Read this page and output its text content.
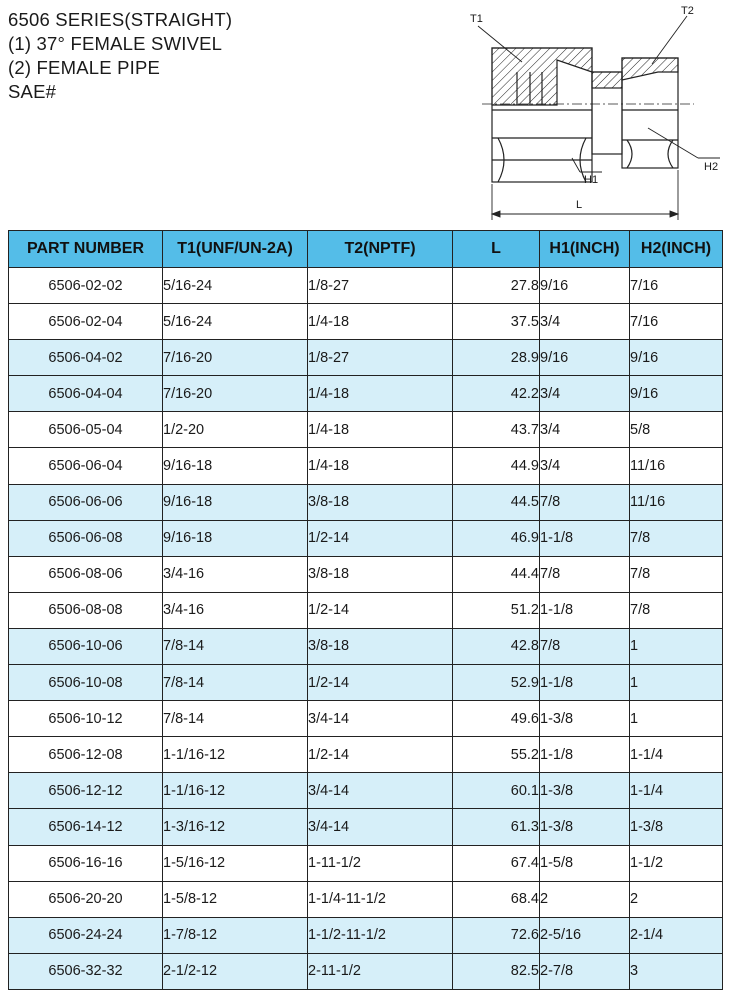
6506 SERIES(STRAIGHT)
(1) 37° FEMALE SWIVEL
(2) FEMALE PIPE
SAE#
T1
T2
H1
H2
L
PART NUMBER	T1(UNF/UN-2A)	T2(NPTF)	L	H1(INCH)	H2(INCH)
6506-02-02	5/16-24	1/8-27	27.8	9/16	7/16
6506-02-04	5/16-24	1/4-18	37.5	3/4	7/16
6506-04-02	7/16-20	1/8-27	28.9	9/16	9/16
6506-04-04	7/16-20	1/4-18	42.2	3/4	9/16
6506-05-04	1/2-20	1/4-18	43.7	3/4	5/8
6506-06-04	9/16-18	1/4-18	44.9	3/4	11/16
6506-06-06	9/16-18	3/8-18	44.5	7/8	11/16
6506-06-08	9/16-18	1/2-14	46.9	1-1/8	7/8
6506-08-06	3/4-16	3/8-18	44.4	7/8	7/8
6506-08-08	3/4-16	1/2-14	51.2	1-1/8	7/8
6506-10-06	7/8-14	3/8-18	42.8	7/8	1
6506-10-08	7/8-14	1/2-14	52.9	1-1/8	1
6506-10-12	7/8-14	3/4-14	49.6	1-3/8	1
6506-12-08	1-1/16-12	1/2-14	55.2	1-1/8	1-1/4
6506-12-12	1-1/16-12	3/4-14	60.1	1-3/8	1-1/4
6506-14-12	1-3/16-12	3/4-14	61.3	1-3/8	1-3/8
6506-16-16	1-5/16-12	1-11-1/2	67.4	1-5/8	1-1/2
6506-20-20	1-5/8-12	1-1/4-11-1/2	68.4	2	2
6506-24-24	1-7/8-12	1-1/2-11-1/2	72.6	2-5/16	2-1/4
6506-32-32	2-1/2-12	2-11-1/2	82.5	2-7/8	3
